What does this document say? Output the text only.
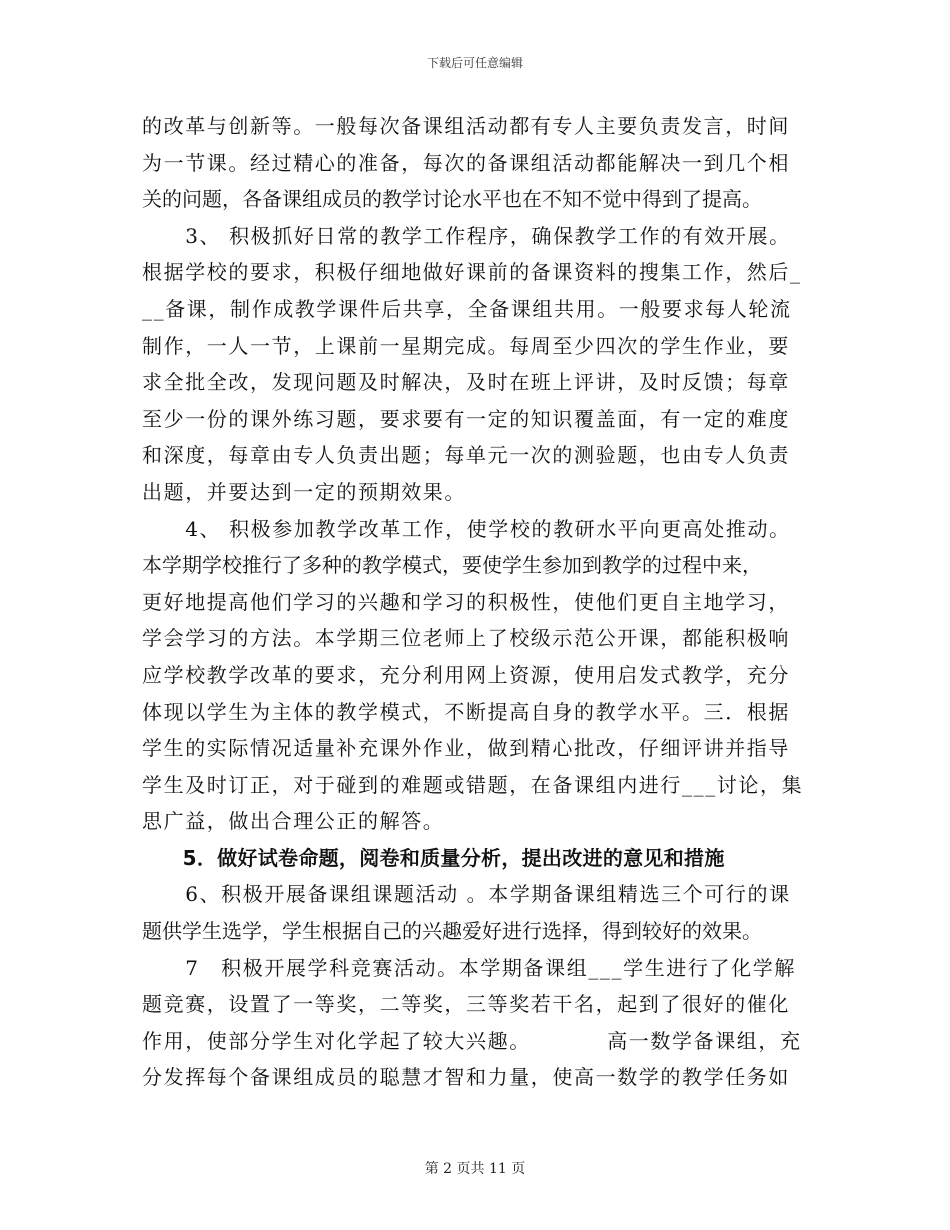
下载后可任意编辑
的改革与创新等。一般每次备课组活动都有专人主要负责发言，时间
为一节课。经过精心的准备，每次的备课组活动都能解决一到几个相
关的问题，各备课组成员的教学讨论水平也在不知不觉中得到了提高。
　　3、 积极抓好日常的教学工作程序，确保教学工作的有效开展。
根据学校的要求，积极仔细地做好课前的备课资料的搜集工作，然后_
__备课，制作成教学课件后共享，全备课组共用。一般要求每人轮流
制作，一人一节，上课前一星期完成。每周至少四次的学生作业，要
求全批全改，发现问题及时解决，及时在班上评讲，及时反馈；每章
至少一份的课外练习题，要求要有一定的知识覆盖面，有一定的难度
和深度，每章由专人负责出题；每单元一次的测验题，也由专人负责
出题，并要达到一定的预期效果。
　　4、 积极参加教学改革工作，使学校的教研水平向更高处推动。
本学期学校推行了多种的教学模式，要使学生参加到教学的过程中来，
更好地提高他们学习的兴趣和学习的积极性，使他们更自主地学习，
学会学习的方法。本学期三位老师上了校级示范公开课，都能积极响
应学校教学改革的要求，充分利用网上资源，使用启发式教学，充分
体现以学生为主体的教学模式，不断提高自身的教学水平。三．根据
学生的实际情况适量补充课外作业，做到精心批改，仔细评讲并指导
学生及时订正，对于碰到的难题或错题，在备课组内进行___讨论，集
思广益，做出合理公正的解答。
　　5．做好试卷命题，阅卷和质量分析，提出改进的意见和措施
　　6、积极开展备课组课题活动 。本学期备课组精选三个可行的课
题供学生选学，学生根据自己的兴趣爱好进行选择，得到较好的效果。
　　7　积极开展学科竞赛活动。本学期备课组___学生进行了化学解
题竞赛，设置了一等奖，二等奖，三等奖若干名，起到了很好的催化
作用，使部分学生对化学起了较大兴趣。　　　　高一数学备课组，充
分发挥每个备课组成员的聪慧才智和力量，使高一数学的教学任务如
第 2 页共 11 页
